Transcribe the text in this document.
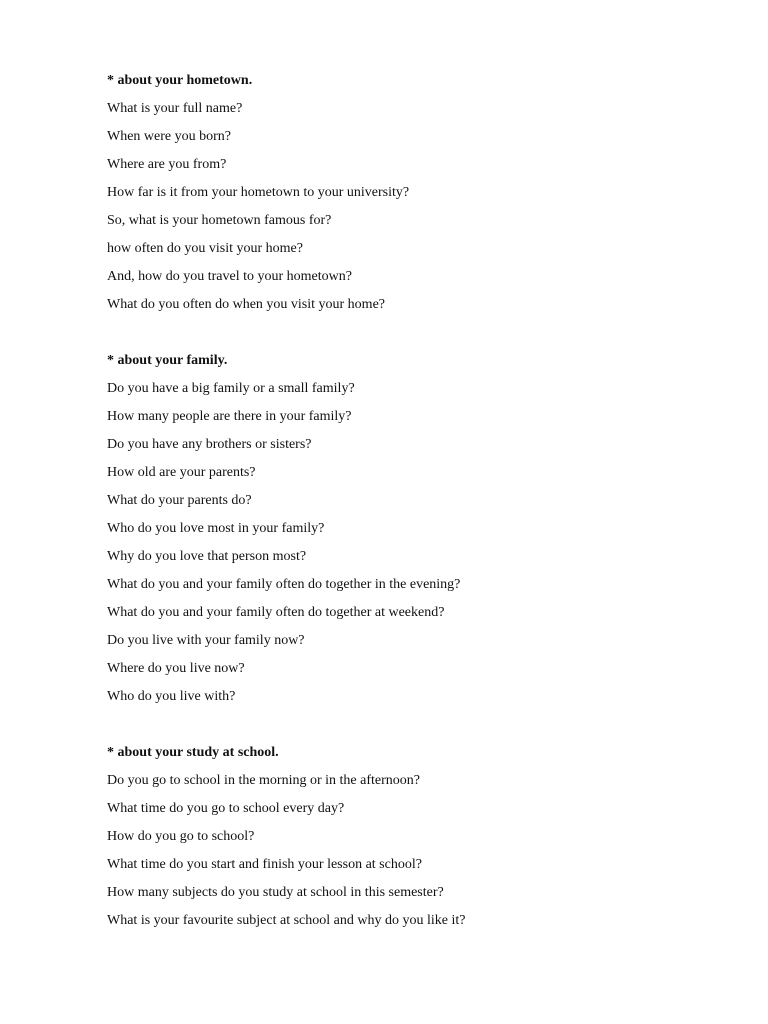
* about your hometown.
What is your full name?
When were you born?
Where are you from?
How far is it from your hometown to your university?
So, what is your hometown famous for?
how often do you visit your home?
And, how do you travel to your hometown?
What do you often do when you visit your home?
* about your family.
Do you have a big family or a small family?
How many people are there in your family?
Do you have any brothers or sisters?
How old are your parents?
What do your parents do?
Who do you love most in your family?
Why do you love that person most?
What do you and your family often do together in the evening?
What do you and your family often do together at weekend?
Do you live with your family now?
Where do you live now?
Who do you live with?
* about your study at school.
Do you go to school in the morning or in the afternoon?
What time do you go to school every day?
How do you go to school?
What time do you start and finish your lesson at school?
How many subjects do you study at school in this semester?
What is your favourite subject at school and why do you like it?
